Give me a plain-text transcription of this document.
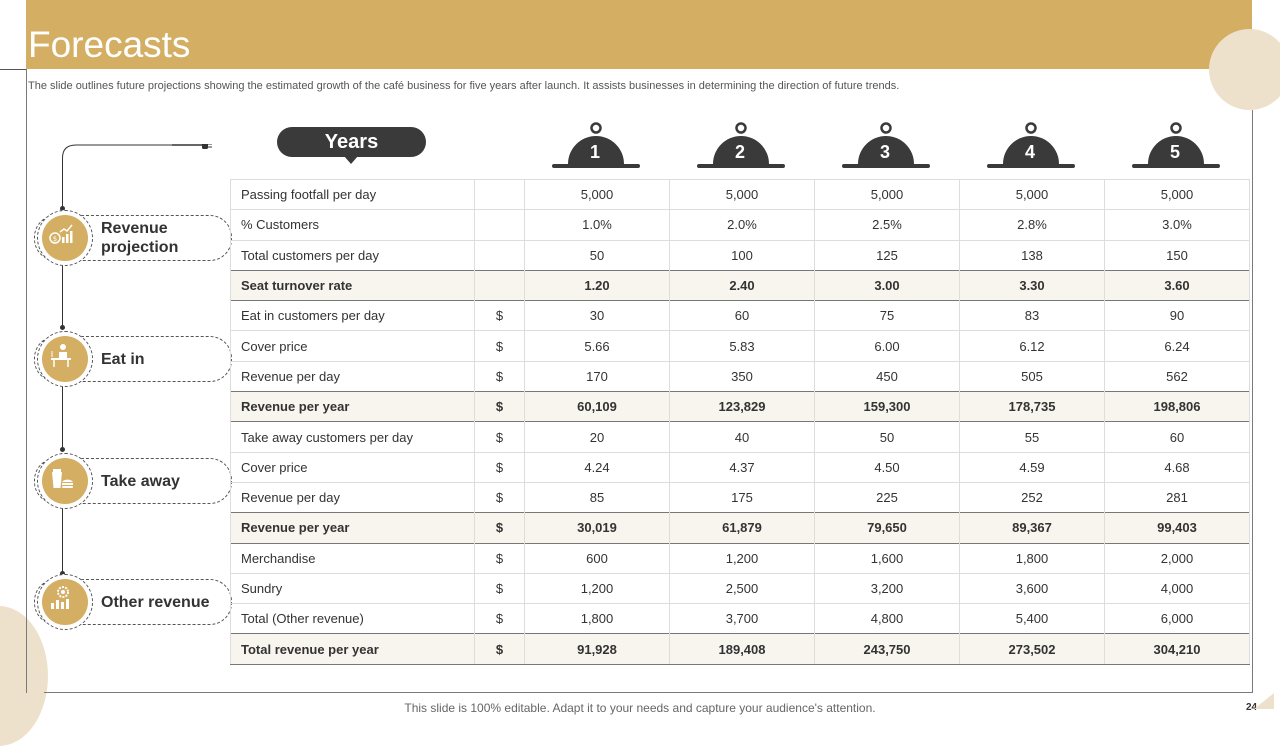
Forecasts
The slide outlines future projections showing the estimated growth of the café business for five years after launch. It assists businesses in determining the direction of future trends.
$
Revenue projection
Eat in
Take away
Other revenue
Years	1	2	3	4	5
Passing footfall per day		5,000	5,000	5,000	5,000	5,000
% Customers		1.0%	2.0%	2.5%	2.8%	3.0%
Total customers per day		50	100	125	138	150
Seat turnover rate		1.20	2.40	3.00	3.30	3.60
Eat in customers per day	$	30	60	75	83	90
Cover price	$	5.66	5.83	6.00	6.12	6.24
Revenue per day	$	170	350	450	505	562
Revenue per year	$	60,109	123,829	159,300	178,735	198,806
Take away customers per day	$	20	40	50	55	60
Cover price	$	4.24	4.37	4.50	4.59	4.68
Revenue per day	$	85	175	225	252	281
Revenue per year	$	30,019	61,879	79,650	89,367	99,403
Merchandise	$	600	1,200	1,600	1,800	2,000
Sundry	$	1,200	2,500	3,200	3,600	4,000
Total (Other revenue)	$	1,800	3,700	4,800	5,400	6,000
Total revenue per year	$	91,928	189,408	243,750	273,502	304,210
This slide is 100% editable. Adapt it to your needs and capture your audience's attention.	24
